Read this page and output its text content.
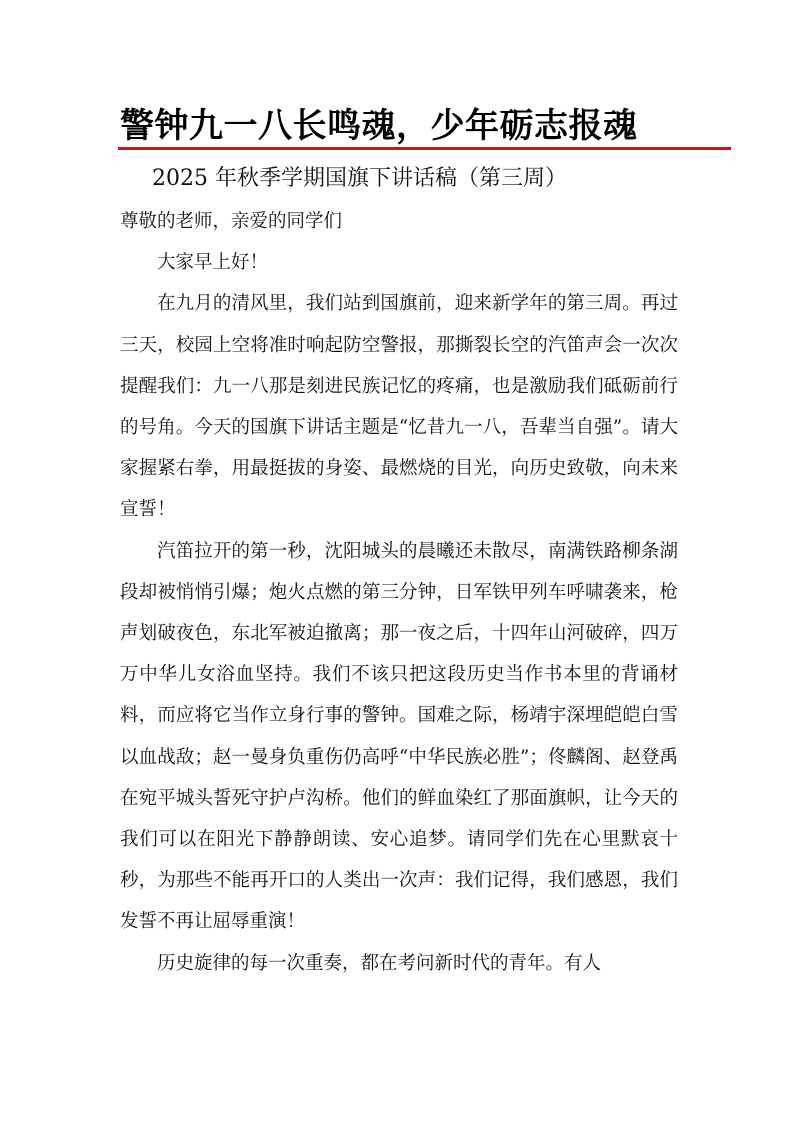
警钟九一八长鸣魂，少年砺志报魂
2025 年秋季学期国旗下讲话稿（第三周）

尊敬的老师，亲爱的同学们

大家早上好！

在九月的清风里，我们站到国旗前，迎来新学年的第三周。再过三天，校园上空将准时响起防空警报，那撕裂长空的汽笛声会一次次提醒我们：九一八那是刻进民族记忆的疼痛，也是激励我们砥砺前行的号角。今天的国旗下讲话主题是“忆昔九一八，吾辈当自强”。请大家握紧右拳，用最挺拔的身姿、最燃烧的目光，向历史致敬，向未来宣誓！

汽笛拉开的第一秒，沈阳城头的晨曦还未散尽，南满铁路柳条湖段却被悄悄引爆；炮火点燃的第三分钟，日军铁甲列车呼啸袭来，枪声划破夜色，东北军被迫撤离；那一夜之后，十四年山河破碎，四万万中华儿女浴血坚持。我们不该只把这段历史当作书本里的背诵材料，而应将它当作立身行事的警钟。国难之际，杨靖宇深埋皑皑白雪以血战敌；赵一曼身负重伤仍高呼“中华民族必胜”；佟麟阁、赵登禹在宛平城头誓死守护卢沟桥。他们的鲜血染红了那面旗帜，让今天的我们可以在阳光下静静朗读、安心追梦。请同学们先在心里默哀十秒，为那些不能再开口的人类出一次声：我们记得，我们感恩，我们发誓不再让屈辱重演！

历史旋律的每一次重奏，都在考问新时代的青年。有人
